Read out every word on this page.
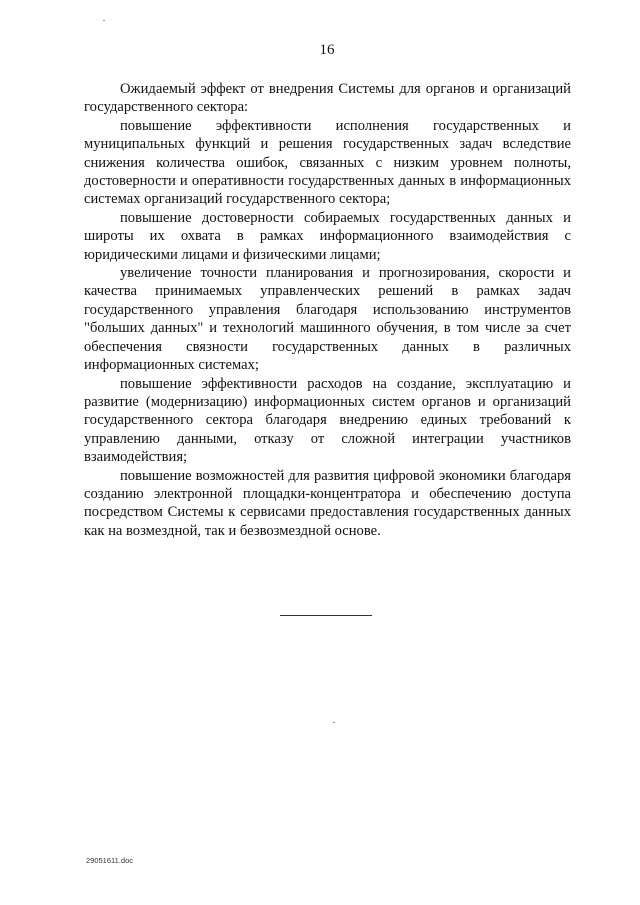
16

Ожидаемый эффект от внедрения Системы для органов и организаций государственного сектора:

повышение эффективности исполнения государственных и муниципальных функций и решения государственных задач вследствие снижения количества ошибок, связанных с низким уровнем полноты, достоверности и оперативности государственных данных в информационных системах организаций государственного сектора;

повышение достоверности собираемых государственных данных и широты их охвата в рамках информационного взаимодействия с юридическими лицами и физическими лицами;

увеличение точности планирования и прогнозирования, скорости и качества принимаемых управленческих решений в рамках задач государственного управления благодаря использованию инструментов "больших данных" и технологий машинного обучения, в том числе за счет обеспечения связности государственных данных в различных информационных системах;

повышение эффективности расходов на создание, эксплуатацию и развитие (модернизацию) информационных систем органов и организаций государственного сектора благодаря внедрению единых требований к управлению данными, отказу от сложной интеграции участников взаимодействия;

повышение возможностей для развития цифровой экономики благодаря созданию электронной площадки-концентратора и обеспечению доступа посредством Системы к сервисами предоставления государственных данных как на возмездной, так и безвозмездной основе.

29051611.doc
